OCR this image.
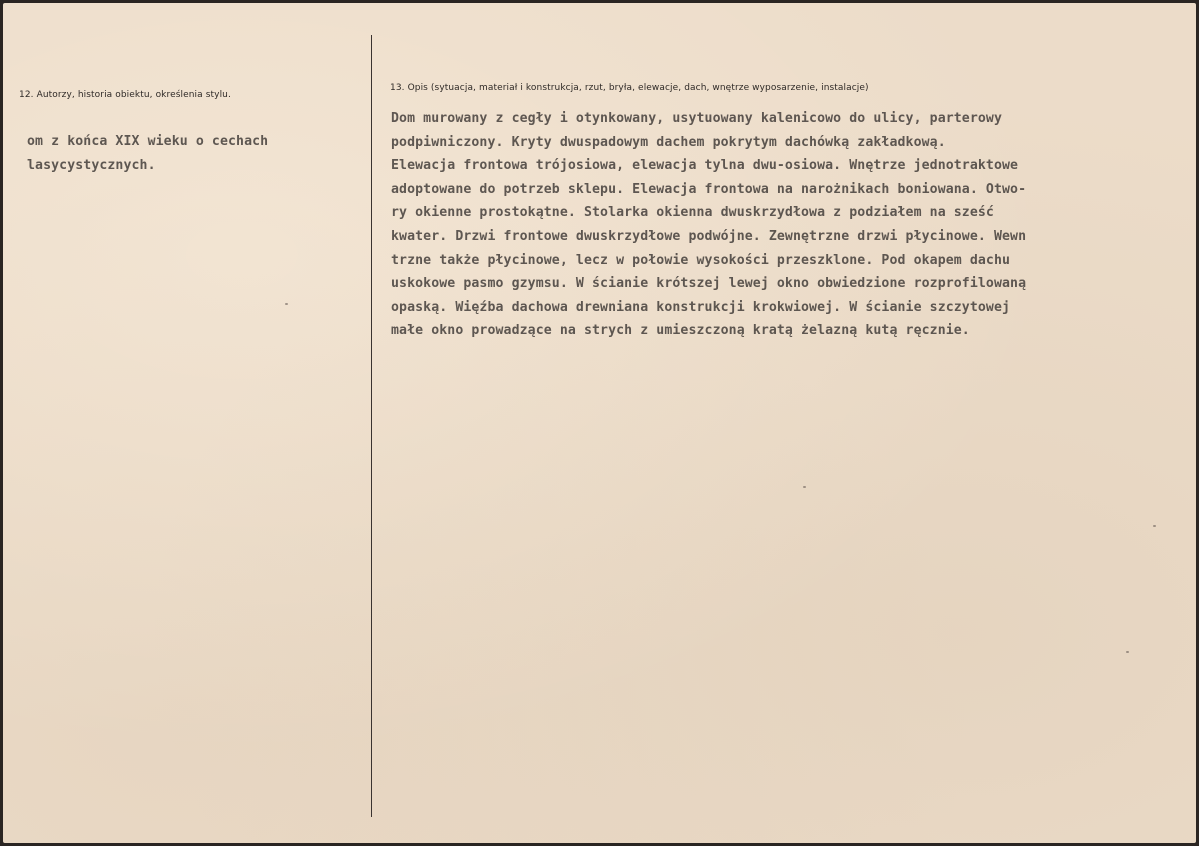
12. Autorzy, historia obiektu, określenia stylu.
13. Opis (sytuacja, materiał i konstrukcja, rzut, bryła, elewacje, dach, wnętrze wyposarzenie, instalacje)
om z końca XIX wieku o cechach
lasycystycznych.
Dom murowany z cegły i otynkowany, usytuowany kalenicowo do ulicy, parterowy
podpiwniczony. Kryty dwuspadowym dachem pokrytym dachówką zakładkową.
Elewacja frontowa trójosiowa, elewacja tylna dwu-osiowa. Wnętrze jednotraktowe
adoptowane do potrzeb sklepu. Elewacja frontowa na narożnikach boniowana. Otwo-
ry okienne prostokątne. Stolarka okienna dwuskrzydłowa z podziałem na sześć
kwater. Drzwi frontowe dwuskrzydłowe podwójne. Zewnętrzne drzwi płycinowe. Wewn
trzne także płycinowe, lecz w połowie wysokości przeszklone. Pod okapem dachu
uskokowe pasmo gzymsu. W ścianie krótszej lewej okno obwiedzione rozprofilowaną
opaską. Więźba dachowa drewniana konstrukcji krokwiowej. W ścianie szczytowej
małe okno prowadzące na strych z umieszczoną kratą żelazną kutą ręcznie.
